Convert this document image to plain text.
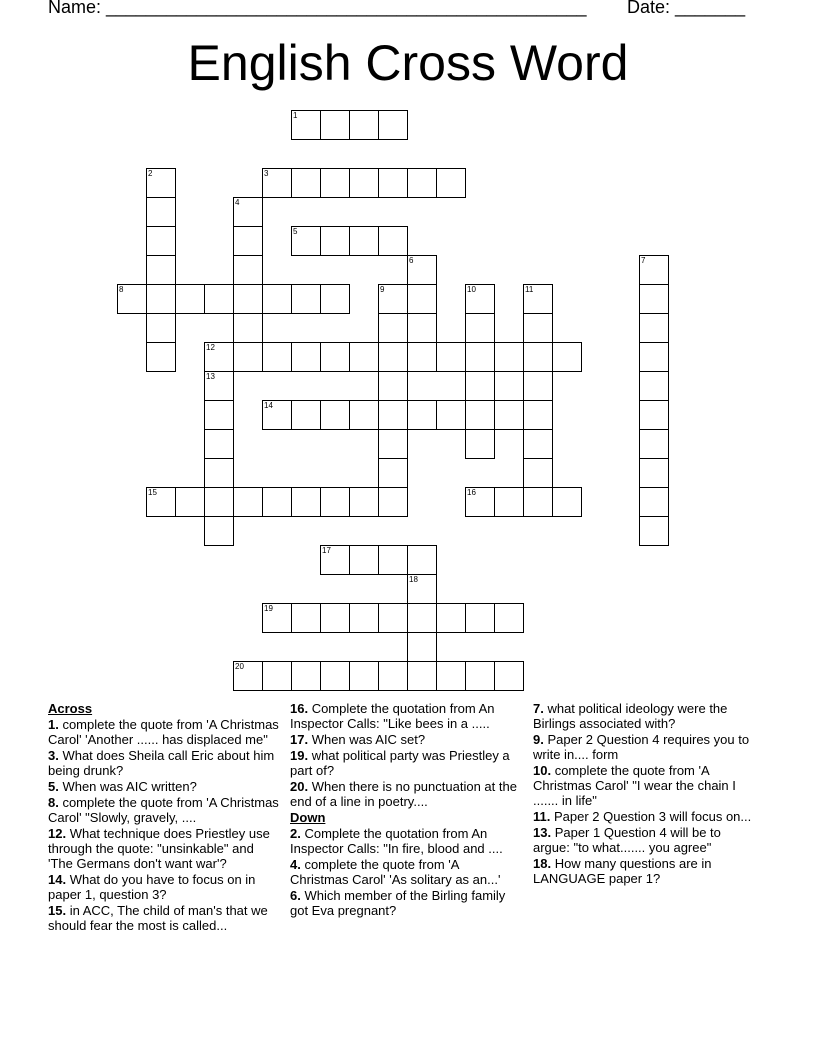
Name: ________________________________________________ Date: _______
English Cross Word
1
2	3
4
5
6	7
8	9	10	11
12
13
14
15	16
17
18
19
20
Across
1. complete the quote from 'A Christmas Carol' 'Another ...... has displaced me"
3. What does Sheila call Eric about him being drunk?
5. When was AIC written?
8. complete the quote from 'A Christmas Carol' "Slowly, gravely, ....
12. What technique does Priestley use through the quote: "unsinkable" and 'The Germans don't want war'?
14. What do you have to focus on in paper 1, question 3?
15. in ACC, The child of man's that we should fear the most is called...
16. Complete the quotation from An Inspector Calls: "Like bees in a .....
17. When was AIC set?
19. what political party was Priestley a part of?
20. When there is no punctuation at the end of a line in poetry....
Down
2. Complete the quotation from An Inspector Calls: "In fire, blood and ....
4. complete the quote from 'A Christmas Carol' 'As solitary as an...'
6. Which member of the Birling family got Eva pregnant?
7. what political ideology were the Birlings associated with?
9. Paper 2 Question 4 requires you to write in.... form
10. complete the quote from 'A Christmas Carol' "I wear the chain I ....... in life"
11. Paper 2 Question 3 will focus on...
13. Paper 1 Question 4 will be to argue: "to what....... you agree"
18. How many questions are in LANGUAGE paper 1?
